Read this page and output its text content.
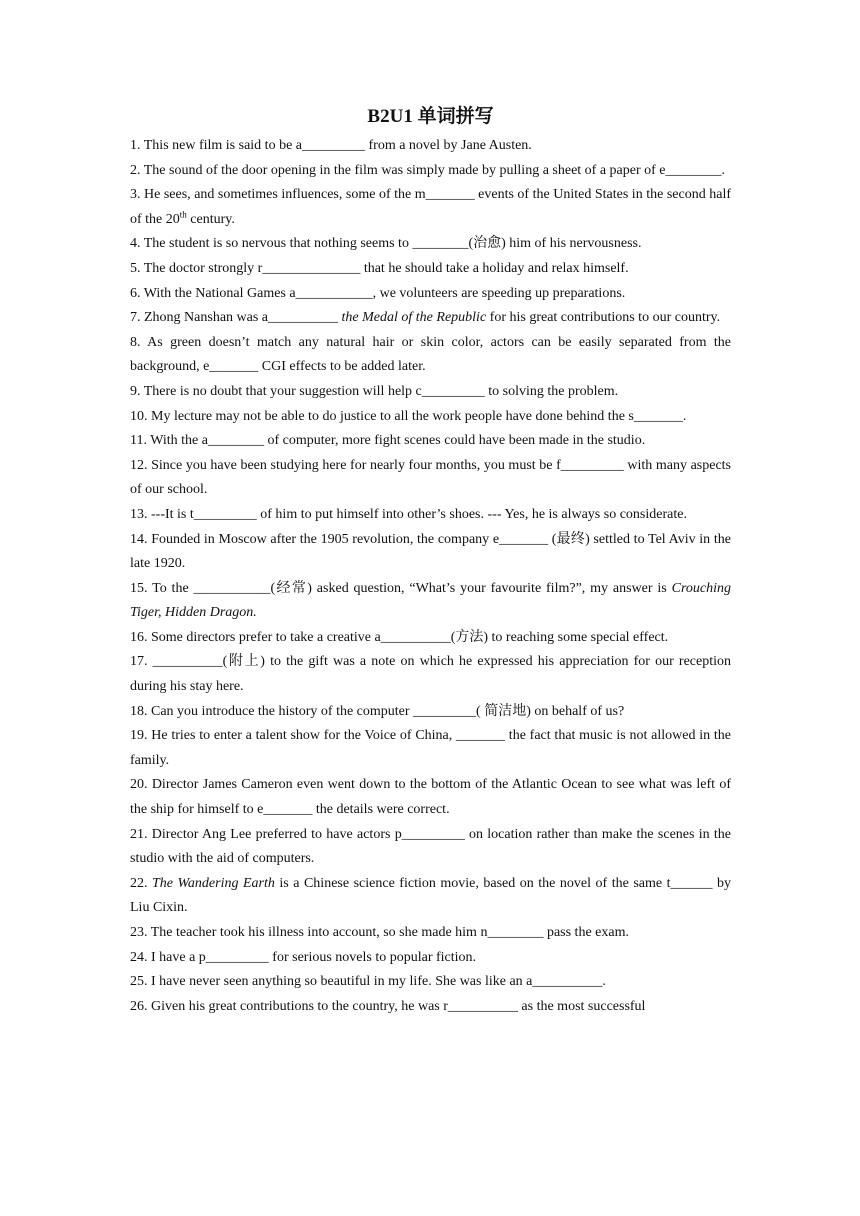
B2U1 单词拼写
1. This new film is said to be a_________ from a novel by Jane Austen.
2. The sound of the door opening in the film was simply made by pulling a sheet of a paper of e________.
3. He sees, and sometimes influences, some of the m_______ events of the United States in the second half of the 20th century.
4. The student is so nervous that nothing seems to ________(治愈) him of his nervousness.
5. The doctor strongly r______________ that he should take a holiday and relax himself.
6. With the National Games a___________, we volunteers are speeding up preparations.
7. Zhong Nanshan was a__________ the Medal of the Republic for his great contributions to our country.
8. As green doesn’t match any natural hair or skin color, actors can be easily separated from the background, e_______ CGI effects to be added later.
9. There is no doubt that your suggestion will help c_________ to solving the problem.
10. My lecture may not be able to do justice to all the work people have done behind the s_______.
11. With the a________ of computer, more fight scenes could have been made in the studio.
12. Since you have been studying here for nearly four months, you must be f_________ with many aspects of our school.
13. ---It is t_________ of him to put himself into other’s shoes. --- Yes, he is always so considerate.
14. Founded in Moscow after the 1905 revolution, the company e_______ (最终) settled to Tel Aviv in the late 1920.
15. To the ___________(经常) asked question, “What’s your favourite film?”, my answer is Crouching Tiger, Hidden Dragon.
16. Some directors prefer to take a creative a__________(方法) to reaching some special effect.
17. __________(附上) to the gift was a note on which he expressed his appreciation for our reception during his stay here.
18. Can you introduce the history of the computer _________( 简洁地) on behalf of us?
19. He tries to enter a talent show for the Voice of China, _______ the fact that music is not allowed in the family.
20. Director James Cameron even went down to the bottom of the Atlantic Ocean to see what was left of the ship for himself to e_______ the details were correct.
21. Director Ang Lee preferred to have actors p_________ on location rather than make the scenes in the studio with the aid of computers.
22. The Wandering Earth is a Chinese science fiction movie, based on the novel of the same t______ by Liu Cixin.
23. The teacher took his illness into account, so she made him n________ pass the exam.
24. I have a p_________ for serious novels to popular fiction.
25. I have never seen anything so beautiful in my life. She was like an a__________.
26. Given his great contributions to the country, he was r__________ as the most successful
